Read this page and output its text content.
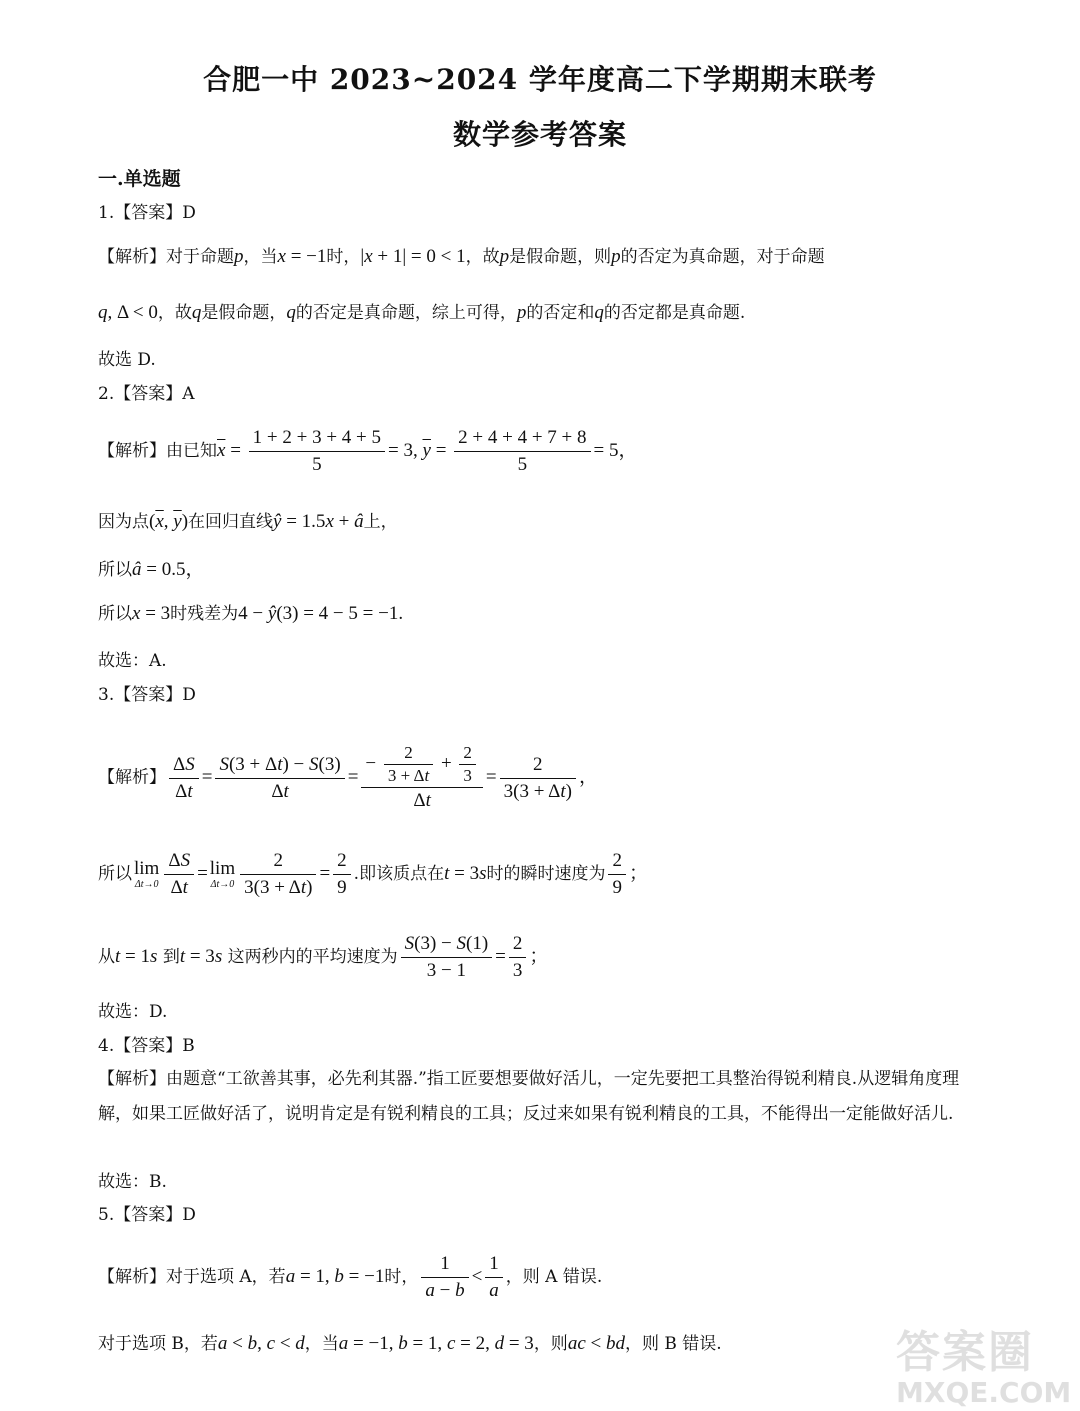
合肥一中 2023~2024 学年度高二下学期期末联考
数学参考答案
一.单选题
1.【答案】D
【解析】对于命题p，当x = −1时，|x + 1| = 0 < 1，故p是假命题，则p的否定为真命题，对于命题
q, Δ < 0，故q是假命题，q的否定是真命题，综上可得，p的否定和q的否定都是真命题.
故选 D.
2.【答案】A
【解析】由已知$\overline{x} = \frac{1 + 2 + 3 + 4 + 5}{5} = 3$, $\overline{y} = \frac{2 + 4 + 4 + 7 + 8}{5} = 5$，
因为点($\overline{x}$, $\overline{y}$)在回归直线ŷ = 1.5x + â上，
所以â = 0.5，
所以x = 3时残差为4 − ŷ(3) = 4 − 5 = −1.
故选：A.
3.【答案】D
【解析】 $\frac{\Delta S}{\Delta t} = \frac{S(3 + \Delta t) - S(3)}{\Delta t} = \frac{- \frac{2}{3 + \Delta t} + \frac{2}{3}}{\Delta t} = \frac{2}{3(3 + \Delta t)}$ ，
所以 lim
$\Delta t\to 0 \frac{\Delta S}{\Delta t} = \lim$
$\Delta t\to 0 \frac{2}{3(3 + \Delta t)} = \frac{2}{9}$ .即该质点在t = 3s时的瞬时速度为 $\frac{2}{9}$ ；
从t = 1s 到t = 3s 这两秒内的平均速度为 $\frac{S(3) - S(1)}{3 - 1} = \frac{2}{3}$ ；
故选：D.
4.【答案】B
【解析】由题意“工欲善其事，必先利其器.”指工匠要想要做好活儿，一定先要把工具整治得锐利精良.从逻辑角度理解，如果工匠做好活了，说明肯定是有锐利精良的工具；反过来如果有锐利精良的工具，不能得出一定能做好活儿.
故选：B.
5.【答案】D
【解析】对于选项 A，若a = 1, b = −1时， $\frac{1}{a - b} < \frac{1}{a}$ ，则 A 错误.
对于选项 B，若a < b, c < d，当a = −1, b = 1, c = 2, d = 3，则ac < bd，则 B 错误.	答案圈
MXQE.COM
